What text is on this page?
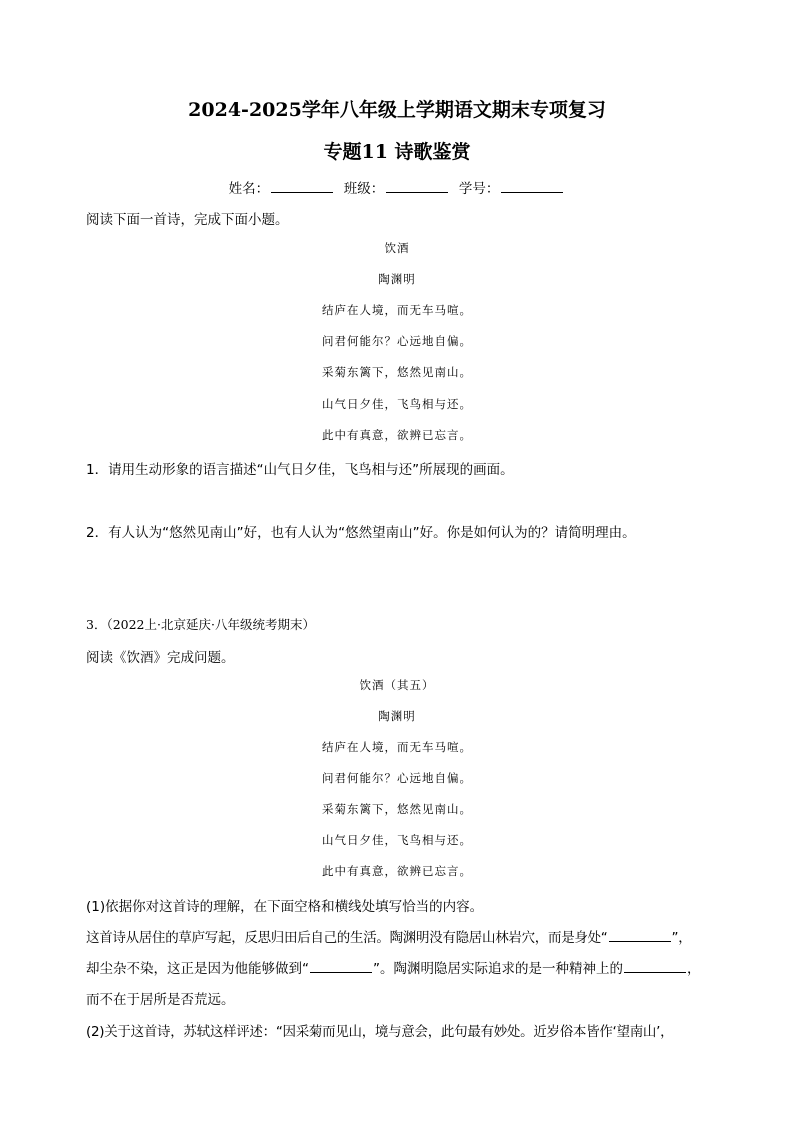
2024-2025学年八年级上学期语文期末专项复习
专题11 诗歌鉴赏
姓名：	班级：	学号：
阅读下面一首诗，完成下面小题。
饮酒
陶渊明
结庐在人境，而无车马喧。
问君何能尔？心远地自偏。
采菊东篱下，悠然见南山。
山气日夕佳，飞鸟相与还。
此中有真意，欲辨已忘言。
1．请用生动形象的语言描述“山气日夕佳，飞鸟相与还”所展现的画面。
2．有人认为“悠然见南山”好，也有人认为“悠然望南山”好。你是如何认为的？请简明理由。
3．（2022上·北京延庆·八年级统考期末）
阅读《饮酒》完成问题。
饮酒（其五）
陶渊明
结庐在人境，而无车马喧。
问君何能尔？心远地自偏。
采菊东篱下，悠然见南山。
山气日夕佳，飞鸟相与还。
此中有真意，欲辨已忘言。
(1)依据你对这首诗的理解，在下面空格和横线处填写恰当的内容。
这首诗从居住的草庐写起，反思归田后自己的生活。陶渊明没有隐居山林岩穴，而是身处“	”，
却尘杂不染，这正是因为他能够做到“	”。陶渊明隐居实际追求的是一种精神上的	，
而不在于居所是否荒远。
(2)关于这首诗，苏轼这样评述：“因采菊而见山，境与意会，此句最有妙处。近岁俗本皆作‘望南山’，
